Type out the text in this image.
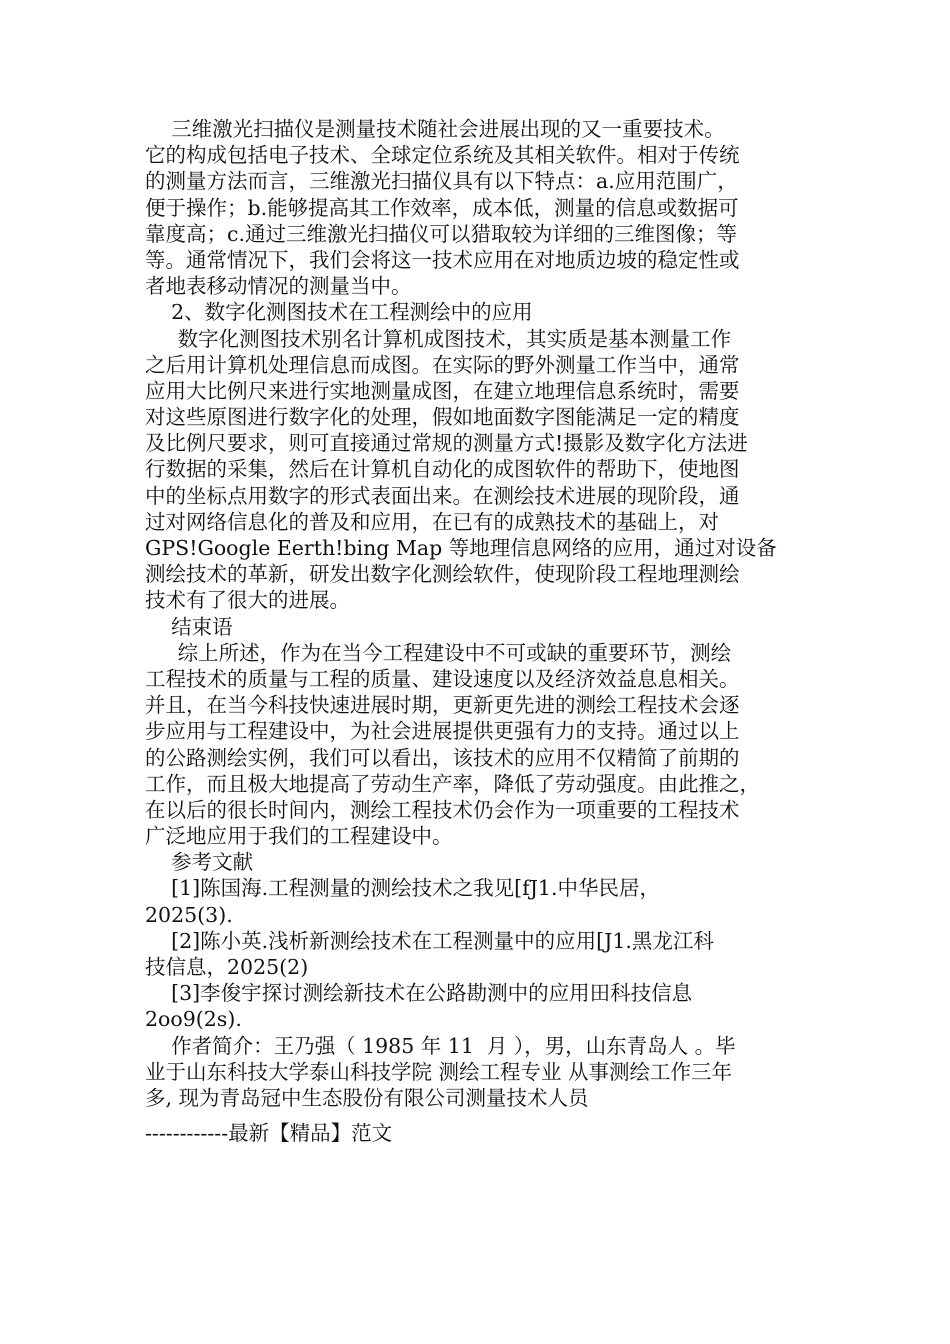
三维激光扫描仪是测量技术随社会进展出现的又一重要技术。
它的构成包括电子技术、全球定位系统及其相关软件。相对于传统
的测量方法而言，三维激光扫描仪具有以下特点：a.应用范围广，
便于操作；b.能够提高其工作效率，成本低，测量的信息或数据可
靠度高；c.通过三维激光扫描仪可以猎取较为详细的三维图像；等
等。通常情况下，我们会将这一技术应用在对地质边坡的稳定性或
者地表移动情况的测量当中。
2、数字化测图技术在工程测绘中的应用
数字化测图技术别名计算机成图技术，其实质是基本测量工作
之后用计算机处理信息而成图。在实际的野外测量工作当中，通常
应用大比例尺来进行实地测量成图，在建立地理信息系统时，需要
对这些原图进行数字化的处理，假如地面数字图能满足一定的精度
及比例尺要求，则可直接通过常规的测量方式!摄影及数字化方法进
行数据的采集，然后在计算机自动化的成图软件的帮助下，使地图
中的坐标点用数字的形式表面出来。在测绘技术进展的现阶段，通
过对网络信息化的普及和应用，在已有的成熟技术的基础上，对
GPS!Google Eerth!bing Map 等地理信息网络的应用，通过对设备
测绘技术的革新，研发出数字化测绘软件，使现阶段工程地理测绘
技术有了很大的进展。
结束语
综上所述，作为在当今工程建设中不可或缺的重要环节，测绘
工程技术的质量与工程的质量、建设速度以及经济效益息息相关。
并且，在当今科技快速进展时期，更新更先进的测绘工程技术会逐
步应用与工程建设中，为社会进展提供更强有力的支持。通过以上
的公路测绘实例，我们可以看出，该技术的应用不仅精简了前期的
工作，而且极大地提高了劳动生产率，降低了劳动强度。由此推之，
在以后的很长时间内，测绘工程技术仍会作为一项重要的工程技术
广泛地应用于我们的工程建设中。
参考文献
[1]陈国海.工程测量的测绘技术之我见[fJ1.中华民居，
2025(3).
[2]陈小英.浅析新测绘技术在工程测量中的应用[J1.黑龙江科
技信息，2025(2)
[3]李俊宇探讨测绘新技术在公路勘测中的应用田科技信息
2oo9(2s).
作者简介：王乃强（ 1985 年 11  月 ），男，山东青岛人 。毕
业于山东科技大学泰山科技学院 测绘工程专业 从事测绘工作三年
多, 现为青岛冠中生态股份有限公司测量技术人员
------------最新【精品】范文
